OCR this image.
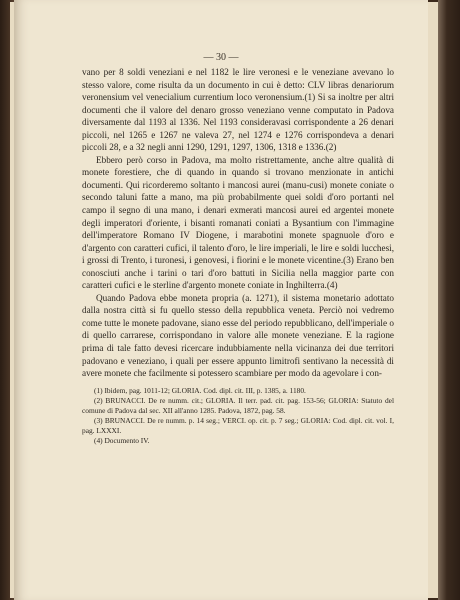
— 30 —

vano per 8 soldi veneziani e nel 1182 le lire veronesi e le veneziane avevano lo stesso valore, come risulta da un documento in cui è detto: CLV libras denariorum veronensium vel venecialium currentium loco veronensium.(1) Si sa inoltre per altri documenti che il valore del denaro grosso veneziano venne computato in Padova diversamente dal 1193 al 1336. Nel 1193 consideravasi corrispondente a 26 denari piccoli, nel 1265 e 1267 ne valeva 27, nel 1274 e 1276 corrispondeva a denari piccoli 28, e a 32 negli anni 1290, 1291, 1297, 1306, 1318 e 1336.(2)

Ebbero però corso in Padova, ma molto ristrettamente, anche altre qualità di monete forestiere, che di quando in quando si trovano menzionate in antichi documenti. Qui ricorderemo soltanto i mancosi aurei (manu-cusi) monete coniate o secondo taluni fatte a mano, ma più probabilmente quei soldi d'oro portanti nel campo il segno di una mano, i denari exmerati mancosi aurei ed argentei monete degli imperatori d'oriente, i bisanti romanati coniati a Bysantium con l'immagine dell'imperatore Romano IV Diogene, i marabotini monete spagnuole d'oro e d'argento con caratteri cufici, il talento d'oro, le lire imperiali, le lire e soldi lucchesi, i grossi di Trento, i turonesi, i genovesi, i fiorini e le monete vicentine.(3) Erano ben conosciuti anche i tarini o tari d'oro battuti in Sicilia nella maggior parte con caratteri cufici e le sterline d'argento monete coniate in Inghilterra.(4)

Quando Padova ebbe moneta propria (a. 1271), il sistema monetario adottato dalla nostra città si fu quello stesso della repubblica veneta. Perciò noi vedremo come tutte le monete padovane, siano esse del periodo repubblicano, dell'imperiale o di quello carrarese, corrispondano in valore alle monete veneziane. E la ragione prima di tale fatto devesi ricercare indubbiamente nella vicinanza dei due territori padovano e veneziano, i quali per essere appunto limitrofi sentivano la necessità di avere monete che facilmente si potessero scambiare per modo da agevolare i con-

(1) Ibidem, pag. 1011-12; GLORIA. Cod. dipl. cit. III, p. 1385, a. 1180.

(2) BRUNACCI. De re numm. cit.; GLORIA. Il terr. pad. cit. pag. 153-56; GLORIA: Statuto del comune di Padova dal sec. XII all'anno 1285. Padova, 1872, pag. 58.

(3) BRUNACCI. De re numm. p. 14 seg.; VERCI. op. cit. p. 7 seg.; GLORIA: Cod. dipl. cit. vol. I, pag. LXXXI.

(4) Documento IV.
